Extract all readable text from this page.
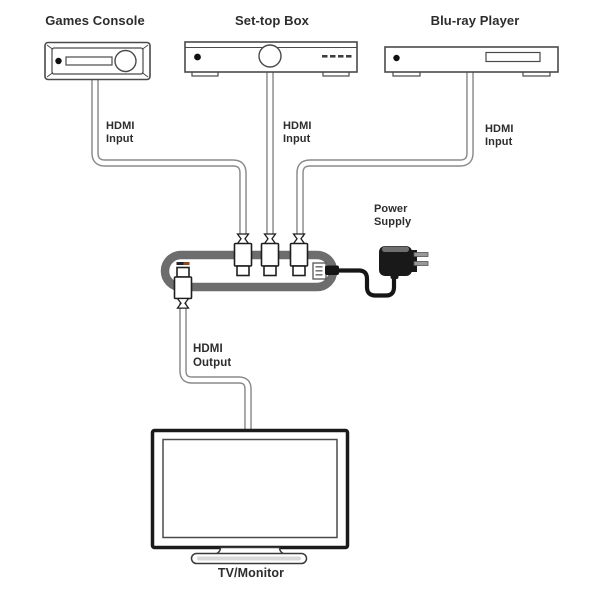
Games Console	Set-top Box	Blu-ray Player
HDMI
Input
HDMI
Input
HDMI
Input
Power
Supply
HDMI
Output
TV/Monitor
